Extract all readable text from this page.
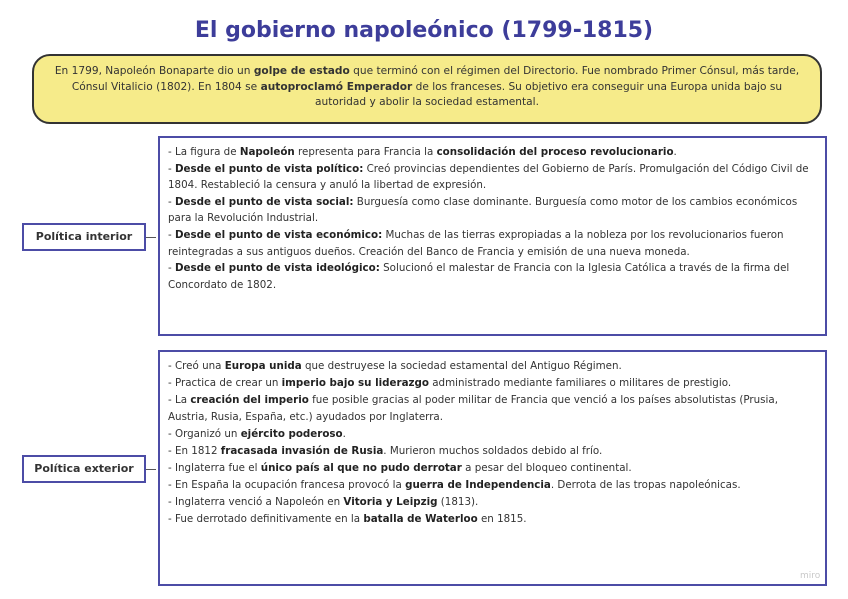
El gobierno napoleónico (1799-1815)
En 1799, Napoleón Bonaparte dio un golpe de estado que terminó con el régimen del Directorio. Fue nombrado Primer Cónsul, más tarde, Cónsul Vitalicio (1802). En 1804 se autoproclamó Emperador de los franceses. Su objetivo era conseguir una Europa unida bajo su autoridad y abolir la sociedad estamental.
Política interior
- La figura de Napoleón representa para Francia la consolidación del proceso revolucionario.
- Desde el punto de vista político: Creó provincias dependientes del Gobierno de París. Promulgación del Código Civil de 1804. Restableció la censura y anuló la libertad de expresión.
- Desde el punto de vista social: Burguesía como clase dominante. Burguesía como motor de los cambios económicos para la Revolución Industrial.
- Desde el punto de vista económico: Muchas de las tierras expropiadas a la nobleza por los revolucionarios fueron reintegradas a sus antiguos dueños. Creación del Banco de Francia y emisión de una nueva moneda.
- Desde el punto de vista ideológico: Solucionó el malestar de Francia con la Iglesia Católica a través de la firma del Concordato de 1802.
Política exterior
- Creó una Europa unida que destruyese la sociedad estamental del Antiguo Régimen.
- Practica de crear un imperio bajo su liderazgo administrado mediante familiares o militares de prestigio.
- La creación del imperio fue posible gracias al poder militar de Francia que venció a los países absolutistas (Prusia, Austria, Rusia, España, etc.) ayudados por Inglaterra.
- Organizó un ejército poderoso.
- En 1812 fracasada invasión de Rusia. Murieron muchos soldados debido al frío.
- Inglaterra fue el único país al que no pudo derrotar a pesar del bloqueo continental.
- En España la ocupación francesa provocó la guerra de Independencia. Derrota de las tropas napoleónicas.
- Inglaterra venció a Napoleón en Vitoria y Leipzig (1813).
- Fue derrotado definitivamente en la batalla de Waterloo en 1815.
miro
